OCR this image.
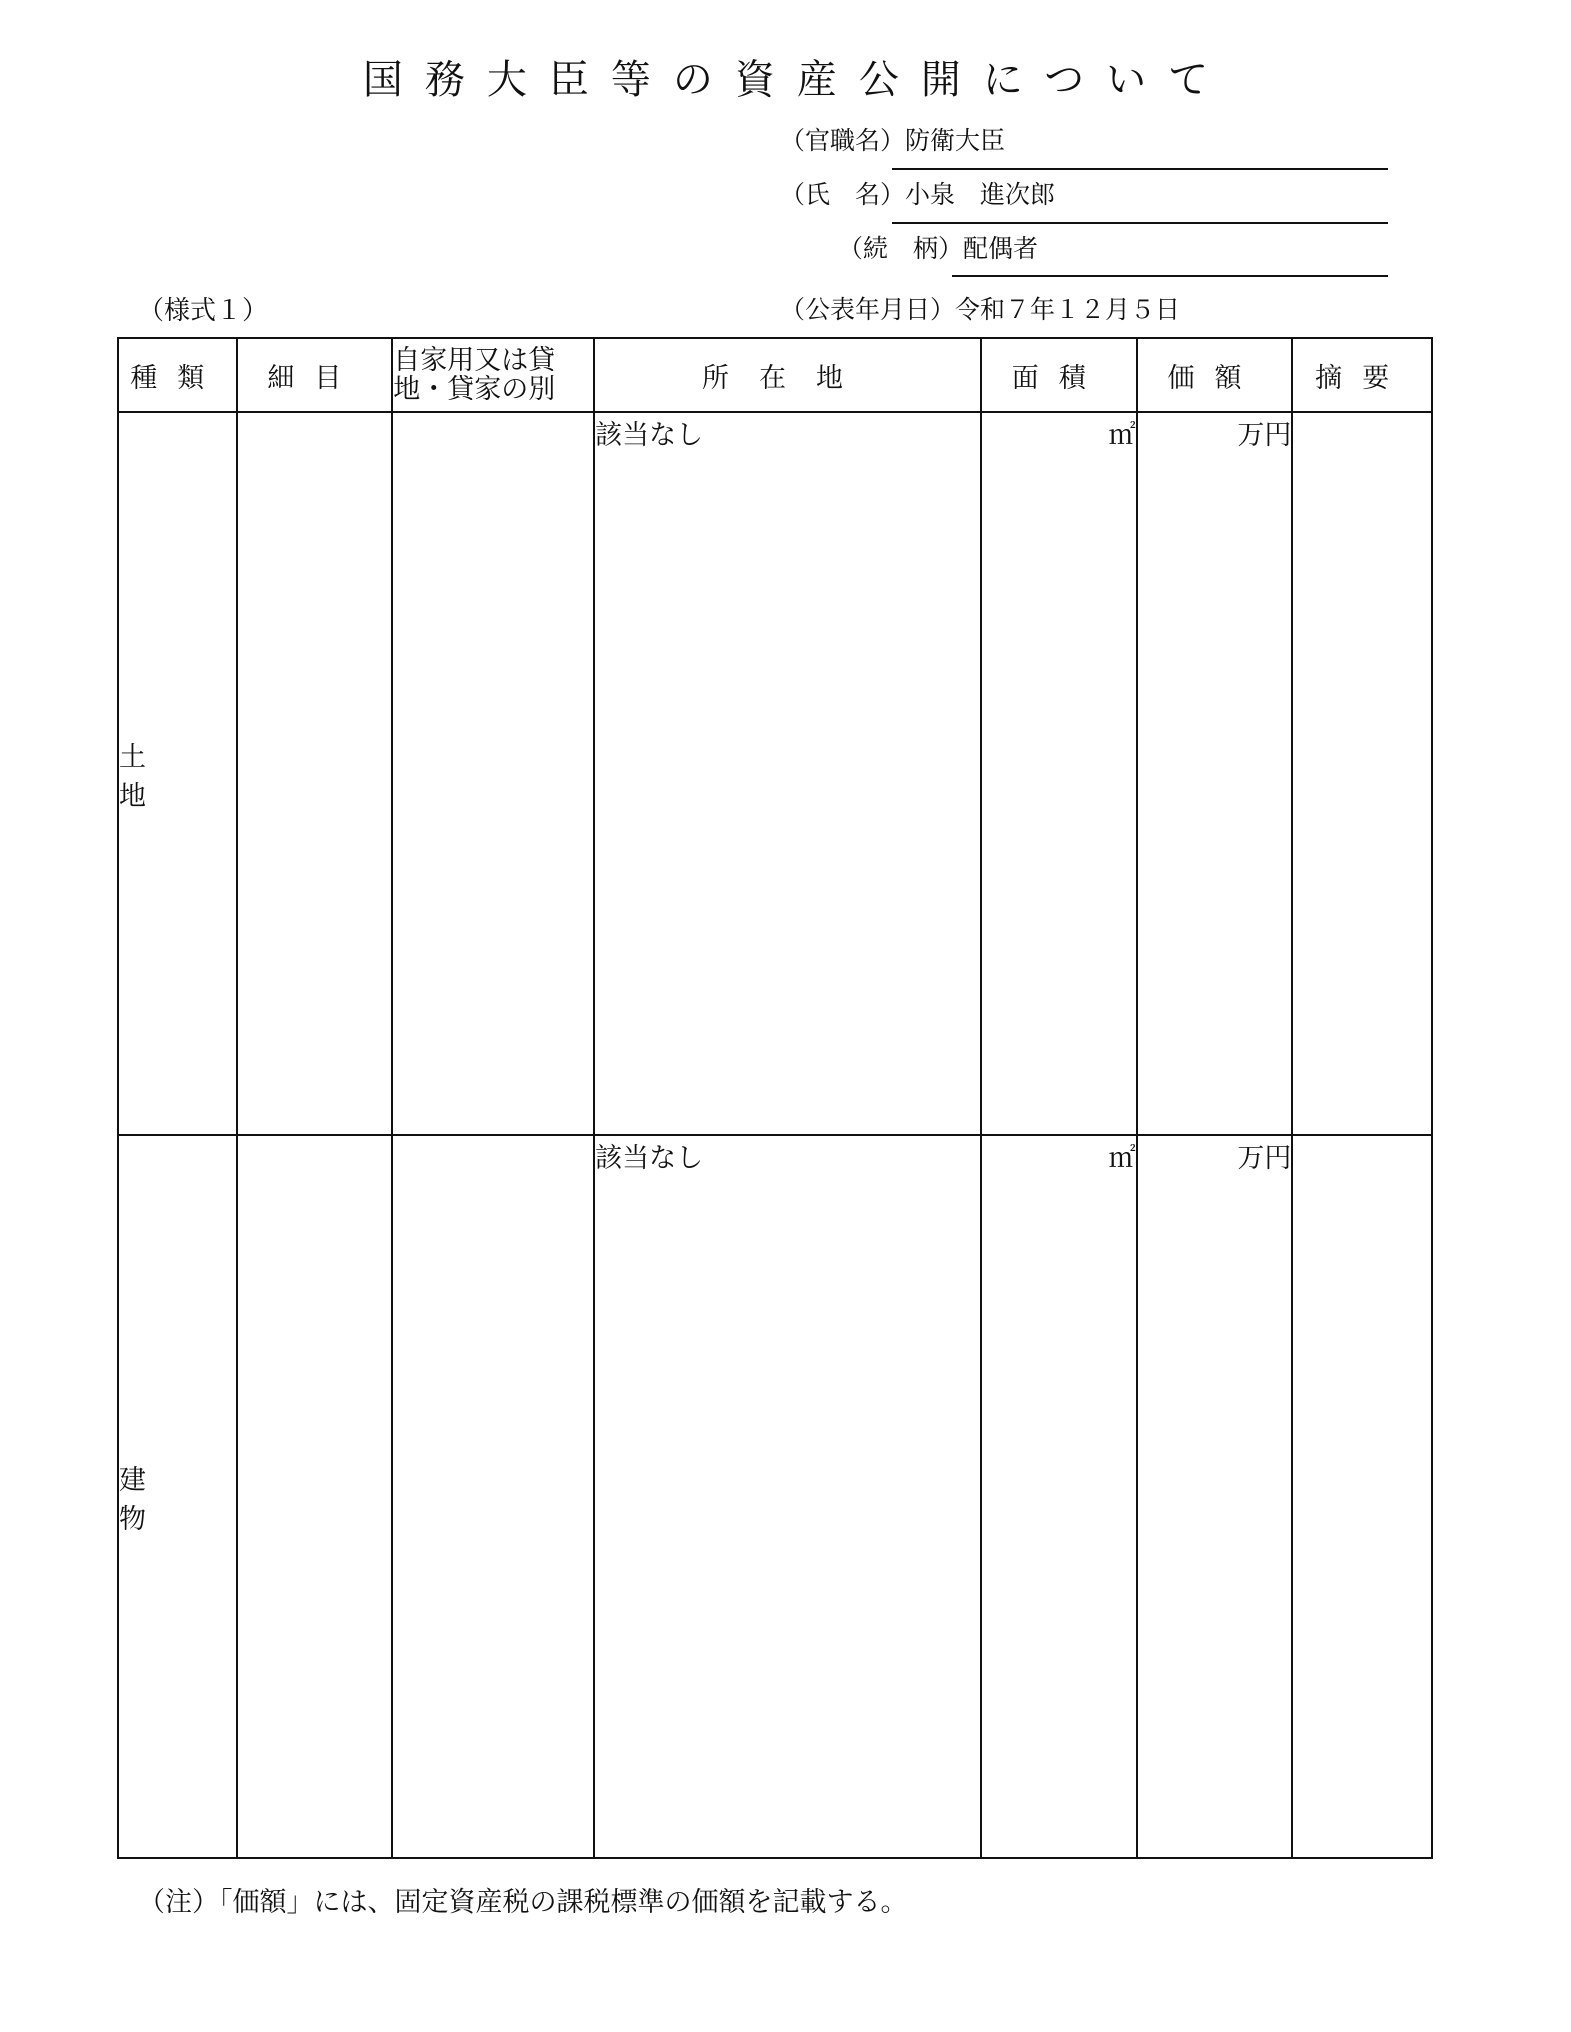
国務大臣等の資産公開について
（官職名）防衛大臣
（氏　名）小泉　進次郎
（続　柄）配偶者
（様式１）	（公表年月日）令和７年１２月５日
種類	細目	自家用又は貸地・貸家の別	所在地	面積	価額	摘要
土地			該当なし	㎡	万円	
建物			該当なし	㎡	万円	
（注）「価額」には、固定資産税の課税標準の価額を記載する。
